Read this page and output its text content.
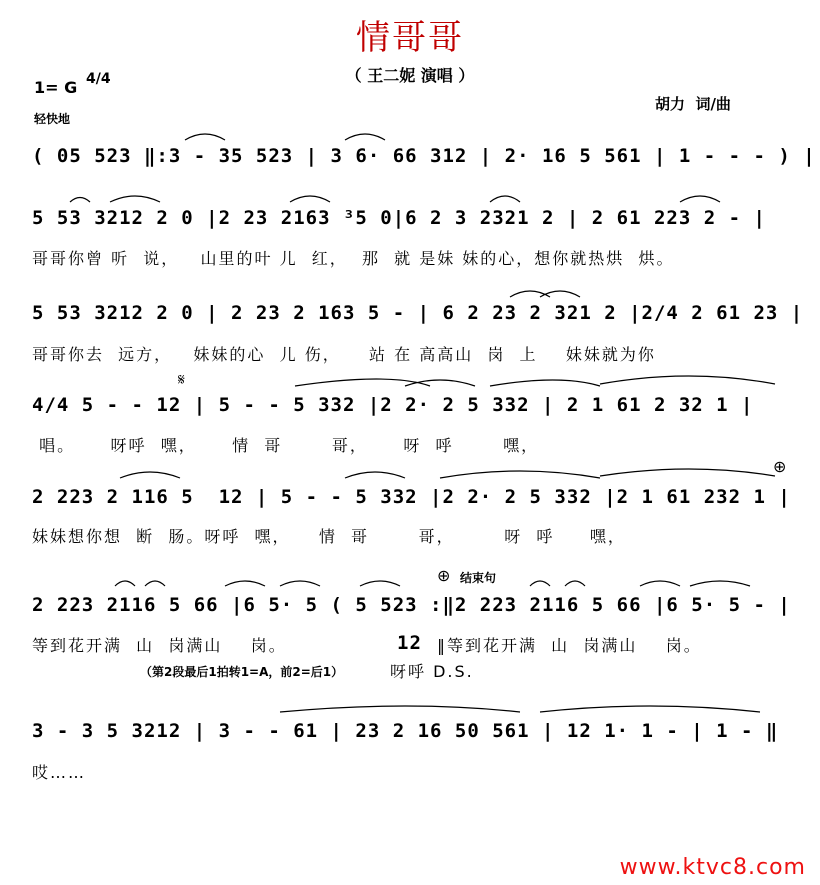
情哥哥
（ 王二妮 演唱 ）
胡力  词/曲
1= G 4/4
轻快地
( 05 523 ‖:3 - 35 523 | 3 6· 66 312 | 2· 16 5 561 | 1 - - - ) |
5 53 3212 2 0 |2 23 2163 ³5 0|6 2 3 2321 2 | 2 61 223 2 - |
哥哥你曾 听  说，   山里的叶 儿  红，  那  就 是妹 妹的心，想你就热烘  烘。
5 53 3212 2 0 | 2 23 2 163 5 - | 6 2 23 2 321 2 |2/4 2 61 23 |
哥哥你去  远方，   妹妹的心  儿 伤，    站 在 高高山  岗  上    妹妹就为你
𝄋
4/4 5 - - 12 | 5 - - 5 332 |2 2· 2 5 332 | 2 1 61 2 32 1 |
唱。     呀呼  嘿，     情  哥       哥，     呀  呼       嘿，
⊕
2 223 2 116 5  12 | 5 - - 5 332 |2 2· 2 5 332 |2 1 61 232 1 |
妹妹想你想  断  肠。呀呼  嘿，    情  哥       哥，       呀  呼     嘿，
⊕ 结束句
2 223 2116 5 66 |6 5· 5 ( 5 523 :‖2 223 2116 5 66 |6 5· 5 - |
等到花开满  山  岗满山    岗。	12 ‖等到花开满  山  岗满山    岗。
（第2段最后1拍转1=A，前2=后1）	呀呼 D.S.
3 - 3 5 3212 | 3 - - 61 | 23 2 16 50 561 | 12 1· 1 - | 1 - ‖
哎……
www.ktvc8.com
